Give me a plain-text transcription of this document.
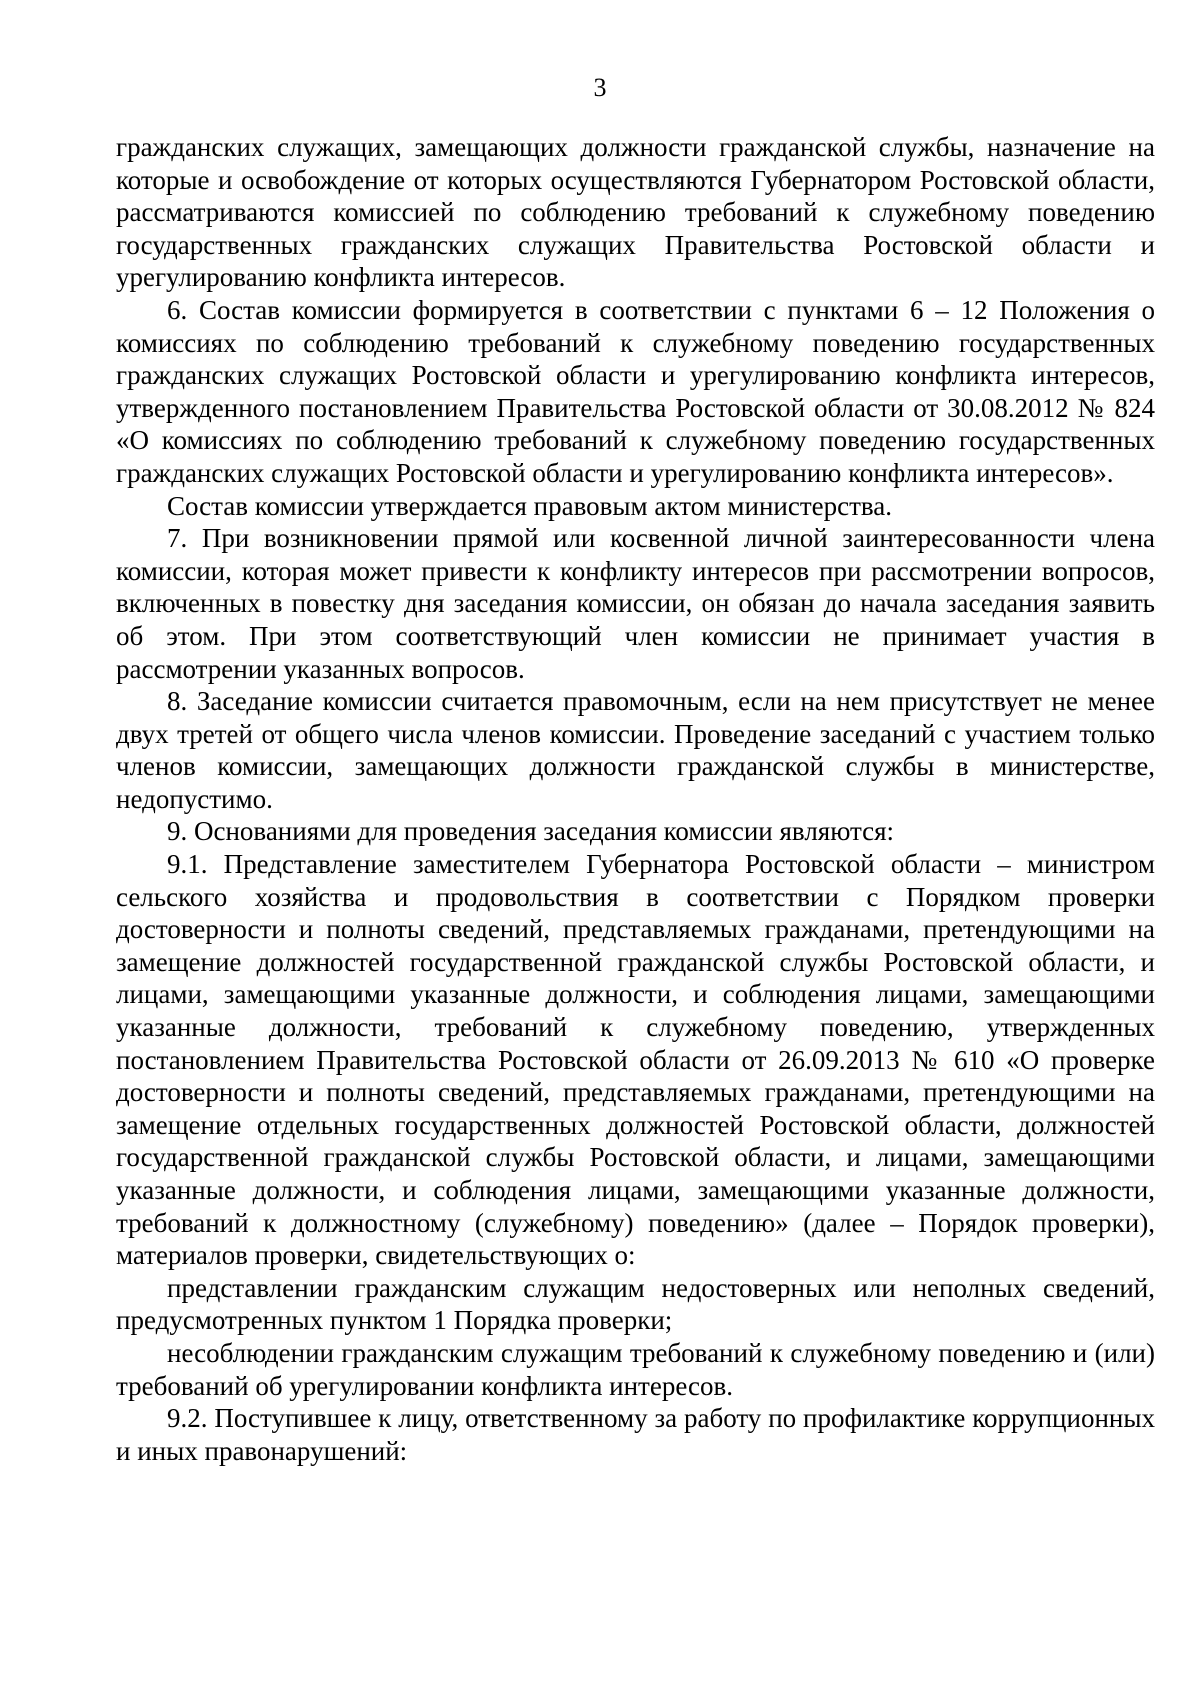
3

гражданских служащих, замещающих должности гражданской службы, назначение на которые и освобождение от которых осуществляются Губернатором Ростовской области, рассматриваются комиссией по соблюдению требований к служебному поведению государственных гражданских служащих Правительства Ростовской области и урегулированию конфликта интересов.

6. Состав комиссии формируется в соответствии с пунктами 6 – 12 Положения о комиссиях по соблюдению требований к служебному поведению государственных гражданских служащих Ростовской области и урегулированию конфликта интересов, утвержденного постановлением Правительства Ростовской области от 30.08.2012 № 824 «О комиссиях по соблюдению требований к служебному поведению государственных гражданских служащих Ростовской области и урегулированию конфликта интересов».

Состав комиссии утверждается правовым актом министерства.

7. При возникновении прямой или косвенной личной заинтересованности члена комиссии, которая может привести к конфликту интересов при рассмотрении вопросов, включенных в повестку дня заседания комиссии, он обязан до начала заседания заявить об этом. При этом соответствующий член комиссии не принимает участия в рассмотрении указанных вопросов.

8. Заседание комиссии считается правомочным, если на нем присутствует не менее двух третей от общего числа членов комиссии. Проведение заседаний с участием только членов комиссии, замещающих должности гражданской службы в министерстве, недопустимо.

9. Основаниями для проведения заседания комиссии являются:

9.1. Представление заместителем Губернатора Ростовской области – министром сельского хозяйства и продовольствия в соответствии с Порядком проверки достоверности и полноты сведений, представляемых гражданами, претендующими на замещение должностей государственной гражданской службы Ростовской области, и лицами, замещающими указанные должности, и соблюдения лицами, замещающими указанные должности, требований к служебному поведению, утвержденных постановлением Правительства Ростовской области от 26.09.2013 № 610 «О проверке достоверности и полноты сведений, представляемых гражданами, претендующими на замещение отдельных государственных должностей Ростовской области, должностей государственной гражданской службы Ростовской области, и лицами, замещающими указанные должности, и соблюдения лицами, замещающими указанные должности, требований к должностному (служебному) поведению» (далее – Порядок проверки), материалов проверки, свидетельствующих о:

представлении гражданским служащим недостоверных или неполных сведений, предусмотренных пунктом 1 Порядка проверки;

несоблюдении гражданским служащим требований к служебному поведению и (или) требований об урегулировании конфликта интересов.

9.2. Поступившее к лицу, ответственному за работу по профилактике коррупционных и иных правонарушений:
